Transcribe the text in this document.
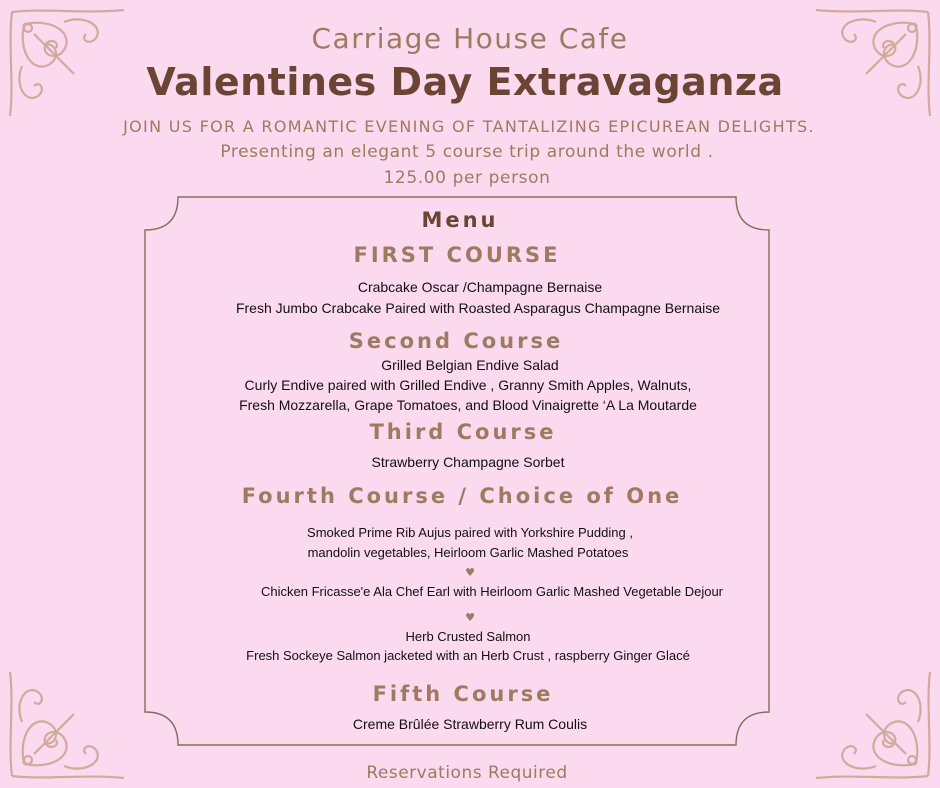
Carriage House Cafe
Valentines Day Extravaganza
JOIN US FOR A ROMANTIC EVENING OF TANTALIZING EPICUREAN DELIGHTS.
Presenting an elegant 5 course trip around the world .
125.00 per person
Menu
FIRST COURSE
Crabcake Oscar /Champagne Bernaise
Fresh Jumbo Crabcake Paired with Roasted Asparagus Champagne Bernaise
Second Course
Grilled Belgian Endive Salad
Curly Endive paired with Grilled Endive , Granny Smith Apples, Walnuts,
Fresh Mozzarella, Grape Tomatoes, and Blood Vinaigrette ‘A La Moutarde
Third Course
Strawberry Champagne Sorbet
Fourth Course / Choice of One
Smoked Prime Rib Aujus paired with Yorkshire Pudding ,
mandolin vegetables, Heirloom Garlic Mashed Potatoes
♥
Chicken Fricasse'e Ala Chef Earl with Heirloom Garlic Mashed Vegetable Dejour
♥
Herb Crusted Salmon
Fresh Sockeye Salmon jacketed with an Herb Crust , raspberry Ginger Glacé
Fifth Course
Creme Brûlée Strawberry Rum Coulis
Reservations Required
